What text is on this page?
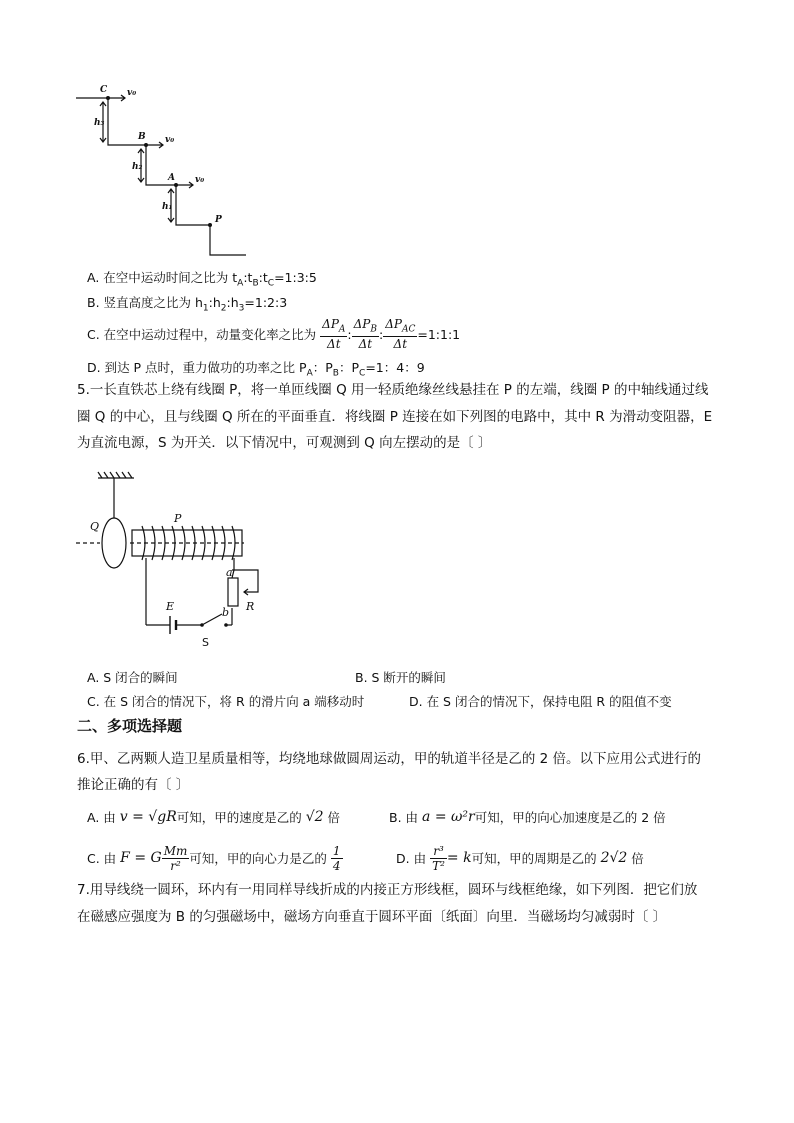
C
B
A
P
v₀
v₀
v₀
h₃
h₂
h₁
A. 在空中运动时间之比为 $t_A:t_B:t_C=1:3:5$
B. 竖直高度之比为 $h_1:h_2:h_3=1:2:3$
C. 在空中运动过程中，动量变化率之比为
$\frac{\Delta P_A}{\Delta t}$ : $\frac{\Delta P_B}{\Delta t}$ : $\frac{\Delta P_{AC}}{\Delta t}$ =1:1:1
D. 到达 P 点时，重力做功的功率之比 $P_A$：$P_B$：$P_C=1$：4：9
5.一长直铁芯上绕有线圈 P，将一单匝线圈 Q 用一轻质绝缘丝线悬挂在 P 的左端，线圈 P 的中轴线通过线
圈 Q 的中心，且与线圈 Q 所在的平面垂直．将线圈 P 连接在如下列图的电路中，其中 R 为滑动变阻器，E
为直流电源，S 为开关．以下情况中，可观测到 Q 向左摆动的是〔 〕
Q
P
a
b R
E
S
A. S 闭合的瞬间	B. S 断开的瞬间
C. 在 S 闭合的情况下，将 R 的滑片向 a 端移动时	D. 在 S 闭合的情况下，保持电阻 R 的阻值不变
二、多项选择题
6.甲、乙两颗人造卫星质量相等，均绕地球做圆周运动，甲的轨道半径是乙的 2 倍。以下应用公式进行的
推论正确的有〔 〕
A. 由
v = √gR 可知，甲的速度是乙的
√2
倍	B. 由
a = ω²r 可知，甲的向心加速度是乙的 2 倍
C. 由
F = G $\frac{Mm}{\text{r²}}$ 可知，甲的向心力是乙的
$\frac{1}{4}$	D. 由
$\frac{\text{r³}}{\text{T²}} = k$ 可知，甲的周期是乙的
2√2
倍
7.用导线绕一圆环，环内有一用同样导线折成的内接正方形线框，圆环与线框绝缘，如下列图．把它们放
在磁感应强度为 B 的匀强磁场中，磁场方向垂直于圆环平面〔纸面〕向里．当磁场均匀减弱时〔 〕
